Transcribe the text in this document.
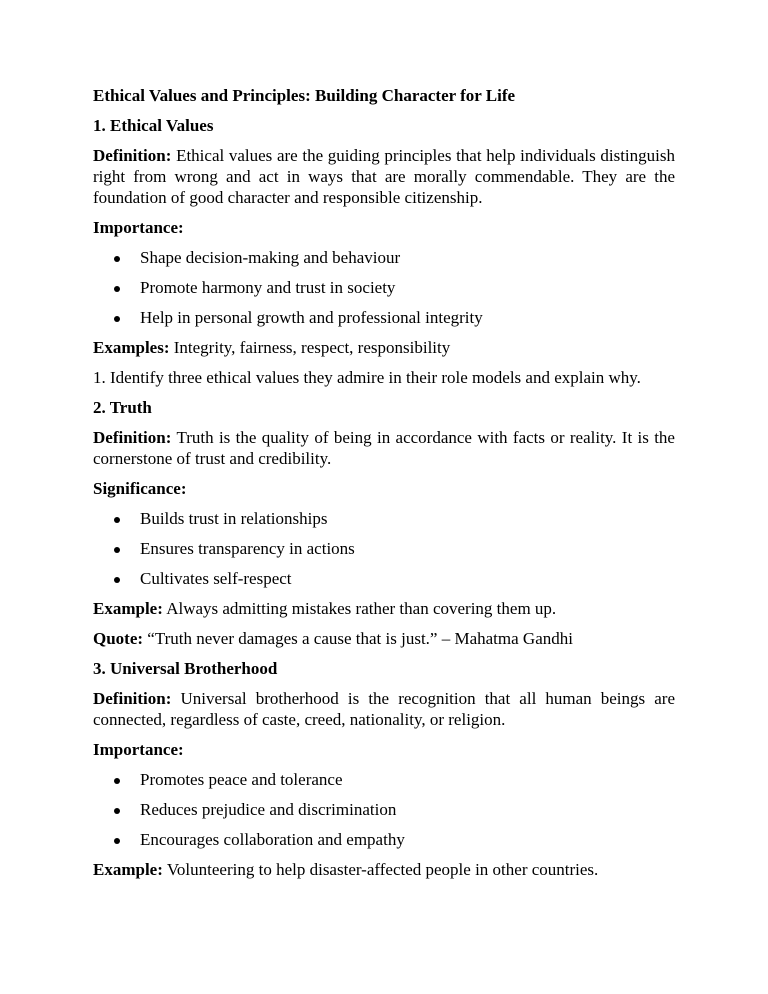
Ethical Values and Principles: Building Character for Life

1. Ethical Values

Definition: Ethical values are the guiding principles that help individuals distinguish right from wrong and act in ways that are morally commendable. They are the foundation of good character and responsible citizenship.

Importance:

Shape decision-making and behaviour
Promote harmony and trust in society
Help in personal growth and professional integrity

Examples: Integrity, fairness, respect, responsibility

1. Identify three ethical values they admire in their role models and explain why.

2. Truth

Definition: Truth is the quality of being in accordance with facts or reality. It is the cornerstone of trust and credibility.

Significance:

Builds trust in relationships
Ensures transparency in actions
Cultivates self-respect

Example: Always admitting mistakes rather than covering them up.

Quote: “Truth never damages a cause that is just.” – Mahatma Gandhi

3. Universal Brotherhood

Definition: Universal brotherhood is the recognition that all human beings are connected, regardless of caste, creed, nationality, or religion.

Importance:

Promotes peace and tolerance
Reduces prejudice and discrimination
Encourages collaboration and empathy

Example: Volunteering to help disaster-affected people in other countries.
